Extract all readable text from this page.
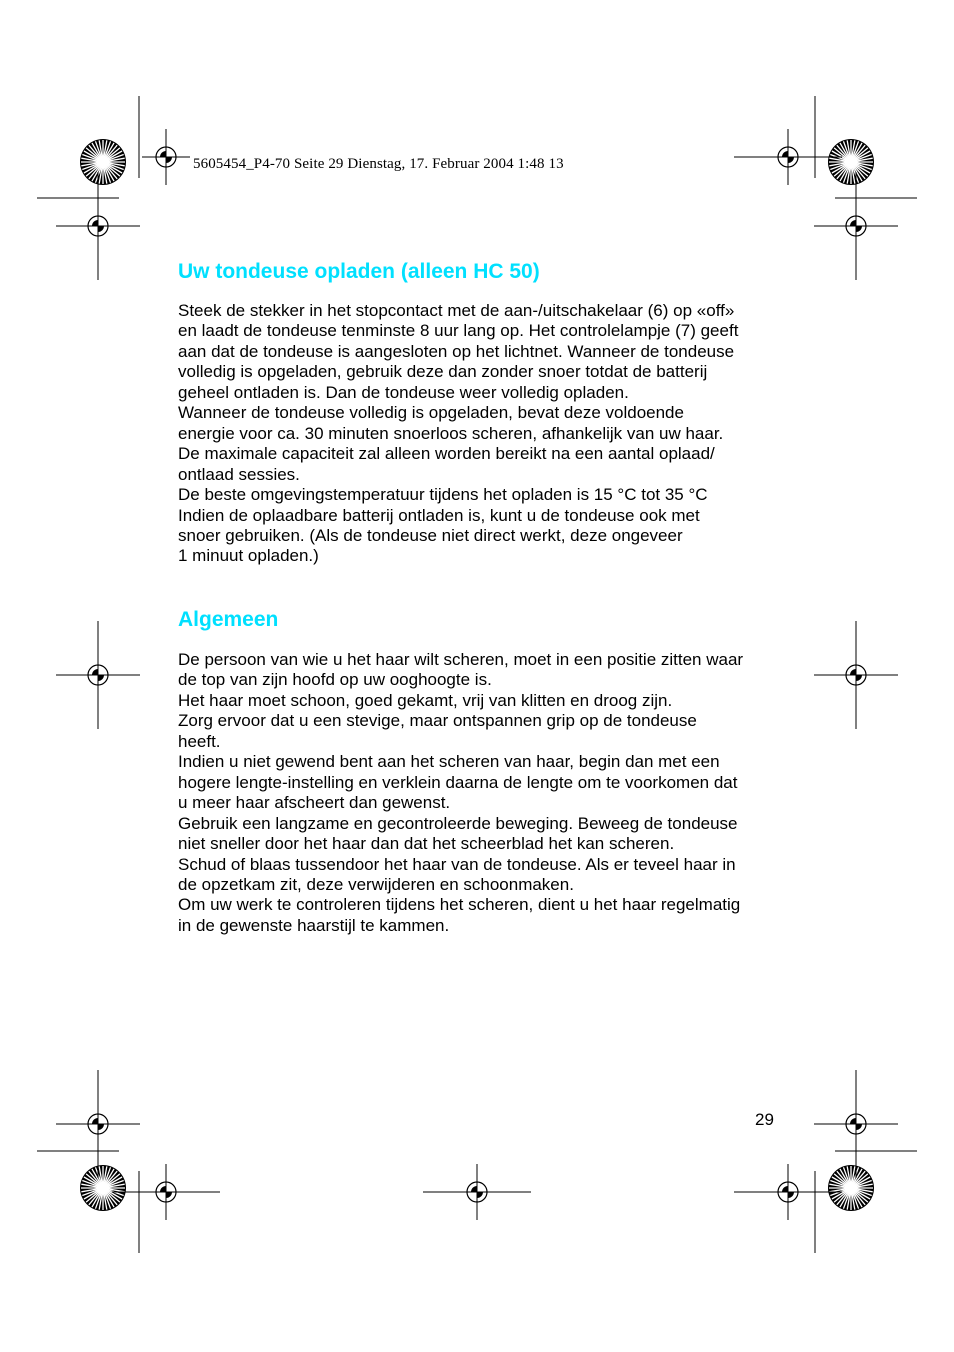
5605454_P4-70 Seite 29 Dienstag, 17. Februar 2004 1:48 13
Uw tondeuse opladen (alleen HC 50)
Steek de stekker in het stopcontact met de aan-/uitschakelaar (6) op «off»
en laadt de tondeuse tenminste 8 uur lang op. Het controlelampje (7) geeft
aan dat de tondeuse is aangesloten op het lichtnet. Wanneer de tondeuse
volledig is opgeladen, gebruik deze dan zonder snoer totdat de batterij
geheel ontladen is. Dan de tondeuse weer volledig opladen.
Wanneer de tondeuse volledig is opgeladen, bevat deze voldoende
energie voor ca. 30 minuten snoerloos scheren, afhankelijk van uw haar.
De maximale capaciteit zal alleen worden bereikt na een aantal oplaad/
ontlaad sessies.
De beste omgevingstemperatuur tijdens het opladen is 15 °C tot 35 °C
Indien de oplaadbare batterij ontladen is, kunt u de tondeuse ook met
snoer gebruiken. (Als de tondeuse niet direct werkt, deze ongeveer
1 minuut opladen.)
Algemeen
De persoon van wie u het haar wilt scheren, moet in een positie zitten waar
de top van zijn hoofd op uw ooghoogte is.
Het haar moet schoon, goed gekamt, vrij van klitten en droog zijn.
Zorg ervoor dat u een stevige, maar ontspannen grip op de tondeuse
heeft.
Indien u niet gewend bent aan het scheren van haar, begin dan met een
hogere lengte-instelling en verklein daarna de lengte om te voorkomen dat
u meer haar afscheert dan gewenst.
Gebruik een langzame en gecontroleerde beweging. Beweeg de tondeuse
niet sneller door het haar dan dat het scheerblad het kan scheren.
Schud of blaas tussendoor het haar van de tondeuse. Als er teveel haar in
de opzetkam zit, deze verwijderen en schoonmaken.
Om uw werk te controleren tijdens het scheren, dient u het haar regelmatig
in de gewenste haarstijl te kammen.
29
